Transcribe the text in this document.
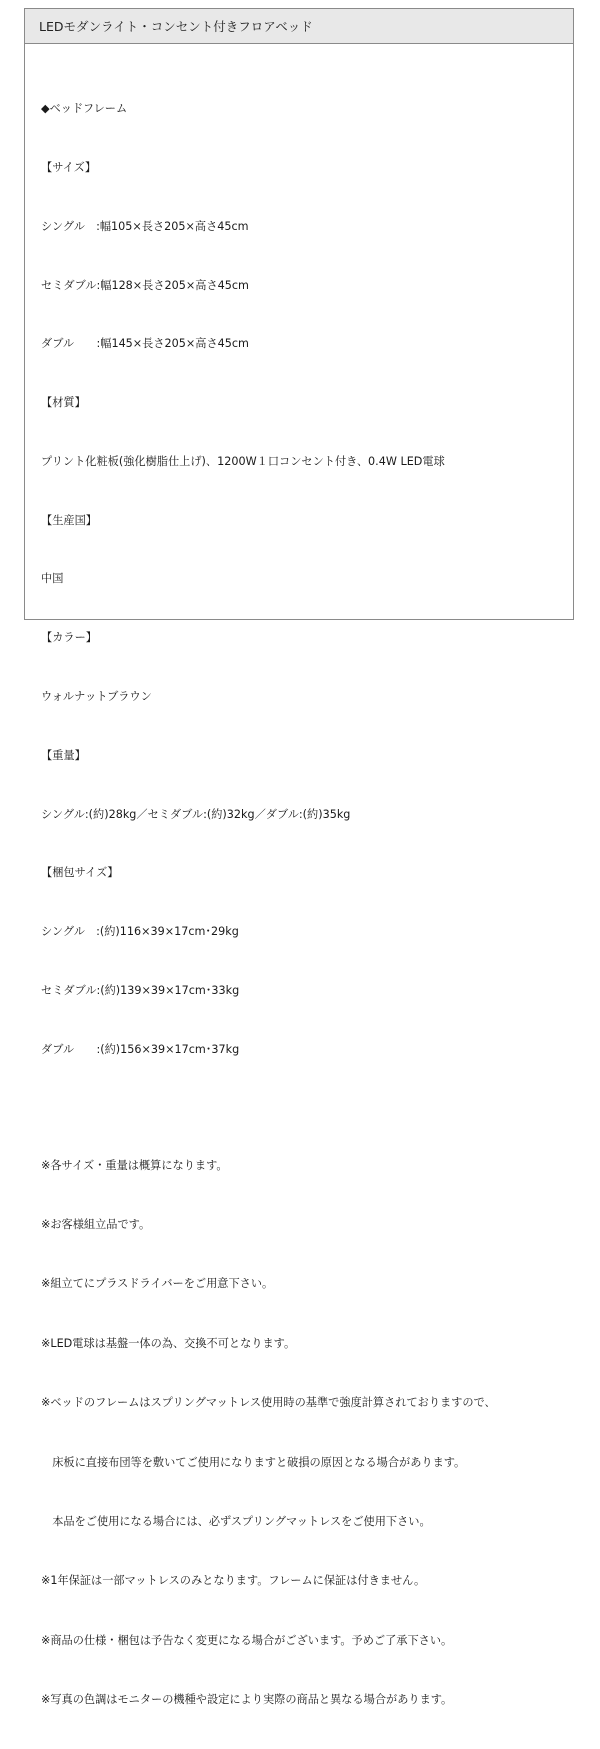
LEDモダンライト・コンセント付きフロアベッド

◆ベッドフレーム

【サイズ】

シングル　:幅105×長さ205×高さ45cm

セミダブル:幅128×長さ205×高さ45cm

ダブル　　:幅145×長さ205×高さ45cm

【材質】

プリント化粧板(強化樹脂仕上げ)、1200W１口コンセント付き、0.4W LED電球

【生産国】

中国

【カラー】

ウォルナットブラウン

【重量】

シングル:(約)28kg／セミダブル:(約)32kg／ダブル:(約)35kg

【梱包サイズ】

シングル　:(約)116×39×17cm･29kg

セミダブル:(約)139×39×17cm･33kg

ダブル　　:(約)156×39×17cm･37kg

※各サイズ・重量は概算になります。

※お客様組立品です。

※組立てにプラスドライバーをご用意下さい。

※LED電球は基盤一体の為、交換不可となります。

※ベッドのフレームはスプリングマットレス使用時の基準で強度計算されておりますので、

　床板に直接布団等を敷いてご使用になりますと破損の原因となる場合があります。

　本品をご使用になる場合には、必ずスプリングマットレスをご使用下さい。

※1年保証は一部マットレスのみとなります。フレームに保証は付きません。

※商品の仕様・梱包は予告なく変更になる場合がございます。予めご了承下さい。

※写真の色調はモニターの機種や設定により実際の商品と異なる場合があります。
